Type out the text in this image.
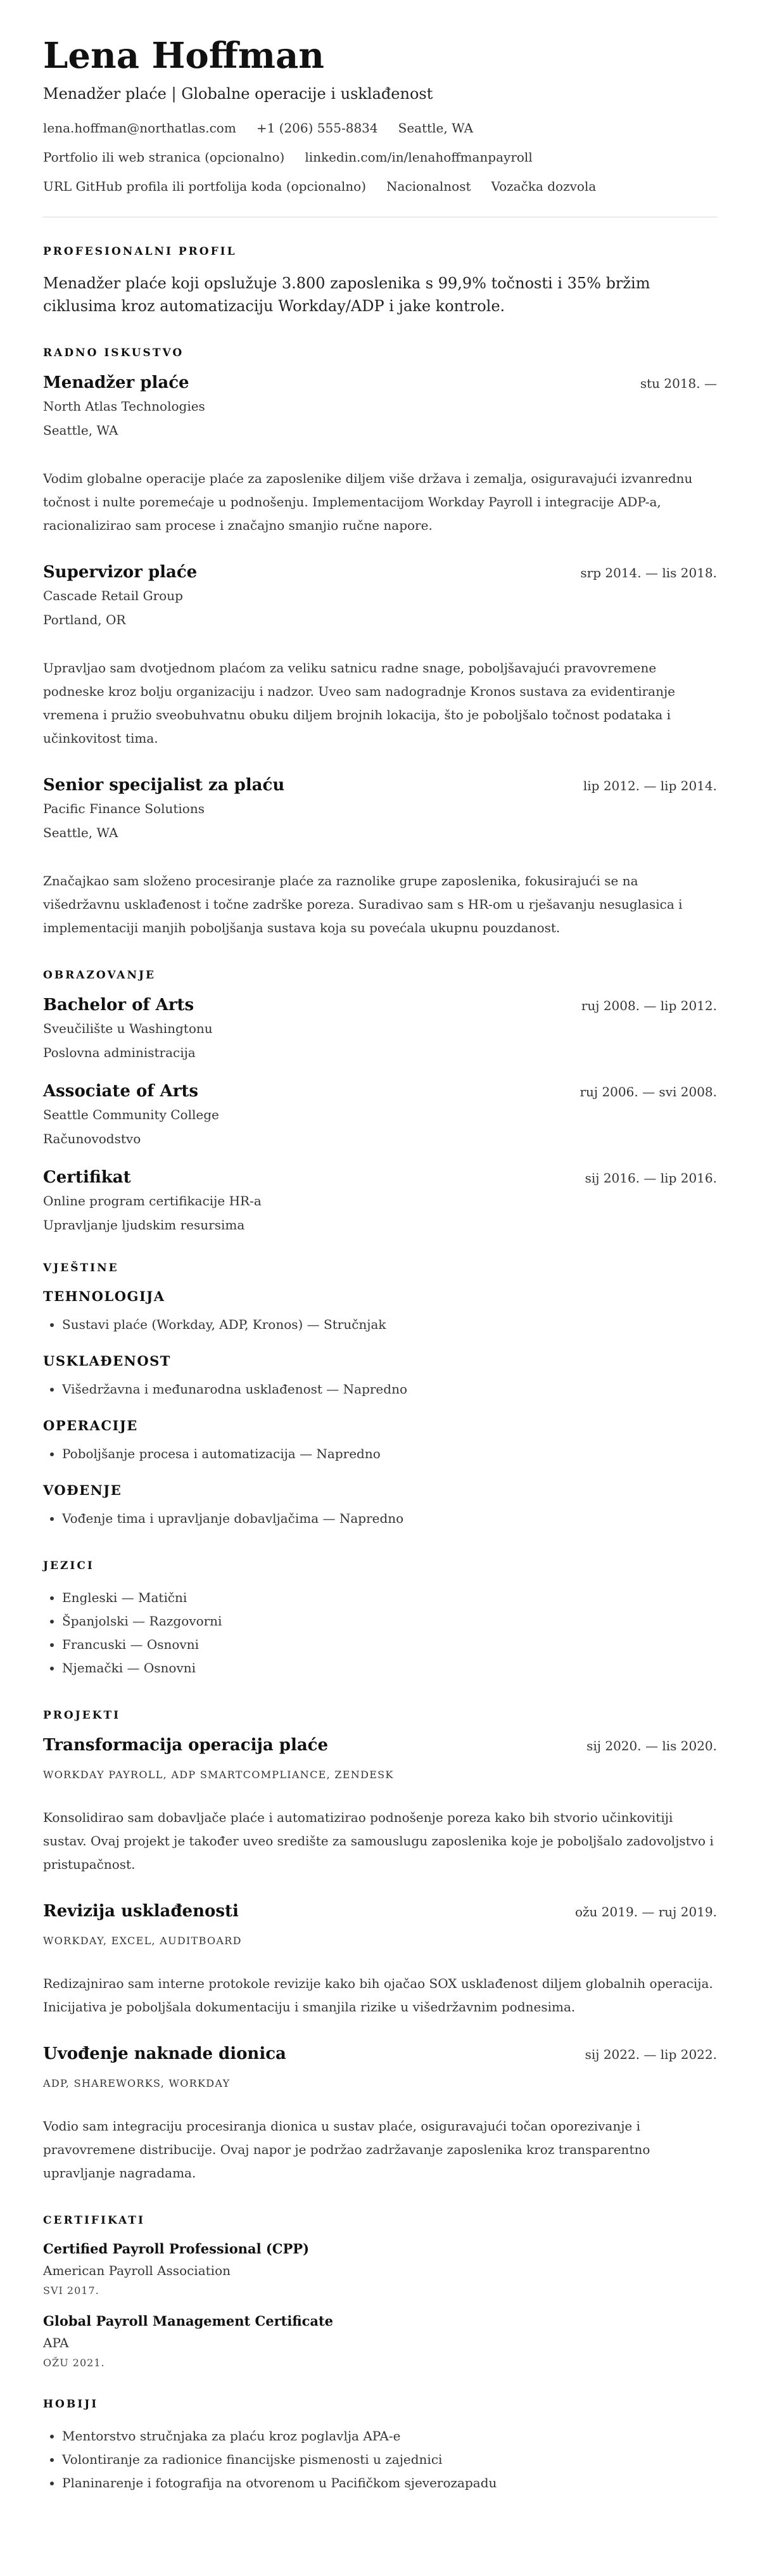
Lena Hoffman
Menadžer plaće | Globalne operacije i usklađenost
lena.hoffman@northatlas.com +1 (206) 555-8834 Seattle, WA
Portfolio ili web stranica (opcionalno) linkedin.com/in/lenahoffmanpayroll
URL GitHub profila ili portfolija koda (opcionalno) Nacionalnost Vozačka dozvola
PROFESIONALNI PROFIL

Menadžer plaće koji opslužuje 3.800 zaposlenika s 99,9% točnosti i 35% bržim ciklusima kroz automatizaciju Workday/ADP i jake kontrole.

RADNO ISKUSTVO
Menadžer plaće	stu 2018. —
North Atlas Technologies
Seattle, WA

Vodim globalne operacije plaće za zaposlenike diljem više država i zemalja, osiguravajući izvanrednu točnost i nulte poremećaje u podnošenju. Implementacijom Workday Payroll i integracije ADP-a, racionalizirao sam procese i značajno smanjio ručne napore.

Supervizor plaće	srp 2014. — lis 2018.
Cascade Retail Group
Portland, OR

Upravljao sam dvotjednom plaćom za veliku satnicu radne snage, poboljšavajući pravovremene podneske kroz bolju organizaciju i nadzor. Uveo sam nadogradnje Kronos sustava za evidentiranje vremena i pružio sveobuhvatnu obuku diljem brojnih lokacija, što je poboljšalo točnost podataka i učinkovitost tima.

Senior specijalist za plaću	lip 2012. — lip 2014.
Pacific Finance Solutions
Seattle, WA

Značajkao sam složeno procesiranje plaće za raznolike grupe zaposlenika, fokusirajući se na višedržavnu usklađenost i točne zadrške poreza. Suradivao sam s HR-om u rješavanju nesuglasica i implementaciji manjih poboljšanja sustava koja su povećala ukupnu pouzdanost.

OBRAZOVANJE
Bachelor of Arts	ruj 2008. — lip 2012.
Sveučilište u Washingtonu
Poslovna administracija
Associate of Arts	ruj 2006. — svi 2008.
Seattle Community College
Računovodstvo
Certifikat	sij 2016. — lip 2016.
Online program certifikacije HR-a
Upravljanje ljudskim resursima
VJEŠTINE
TEHNOLOGIJA
• Sustavi plaće (Workday, ADP, Kronos) — Stručnjak
USKLAĐENOST
• Višedržavna i međunarodna usklađenost — Napredno
OPERACIJE
• Poboljšanje procesa i automatizacija — Napredno
VOĐENJE
• Vođenje tima i upravljanje dobavljačima — Napredno
JEZICI
• Engleski — Matični
• Španjolski — Razgovorni
• Francuski — Osnovni
• Njemački — Osnovni
PROJEKTI
Transformacija operacija plaće	sij 2020. — lis 2020.
WORKDAY PAYROLL, ADP SMARTCOMPLIANCE, ZENDESK

Konsolidirao sam dobavljače plaće i automatizirao podnošenje poreza kako bih stvorio učinkovitiji sustav. Ovaj projekt je također uveo središte za samouslugu zaposlenika koje je poboljšalo zadovoljstvo i pristupačnost.

Revizija usklađenosti	ožu 2019. — ruj 2019.
WORKDAY, EXCEL, AUDITBOARD

Redizajnirao sam interne protokole revizije kako bih ojačao SOX usklađenost diljem globalnih operacija. Inicijativa je poboljšala dokumentaciju i smanjila rizike u višedržavnim podnesima.

Uvođenje naknade dionica	sij 2022. — lip 2022.
ADP, SHAREWORKS, WORKDAY

Vodio sam integraciju procesiranja dionica u sustav plaće, osiguravajući točan oporezivanje i pravovremene distribucije. Ovaj napor je podržao zadržavanje zaposlenika kroz transparentno upravljanje nagradama.

CERTIFIKATI
Certified Payroll Professional (CPP)
American Payroll Association
SVI 2017.
Global Payroll Management Certificate
APA
OŽU 2021.
HOBIJI
• Mentorstvo stručnjaka za plaću kroz poglavlja APA-e
• Volontiranje za radionice financijske pismenosti u zajednici
• Planinarenje i fotografija na otvorenom u Pacifičkom sjeverozapadu
